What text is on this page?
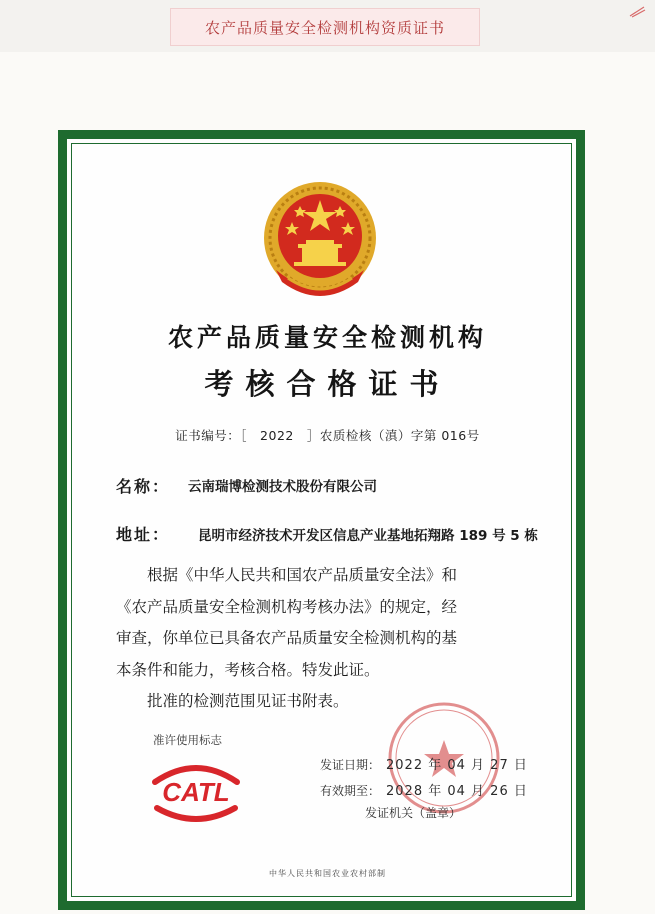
农产品质量安全检测机构资质证书
农产品质量安全检测机构
考核合格证书
证书编号：［　2022　］农质检核（滇）字第 016号
名称： 云南瑞博检测技术股份有限公司
地址： 昆明市经济技术开发区信息产业基地拓翔路 189 号 5 栋

根据《中华人民共和国农产品质量安全法》和

《农产品质量安全检测机构考核办法》的规定，经

审查，你单位已具备农产品质量安全检测机构的基

本条件和能力，考核合格。特发此证。

批准的检测范围见证书附表。

准许使用标志
CATL
发证日期： 2022 年 04 月 27 日
有效期至： 2028 年 04 月 26 日
发证机关（盖章）
中华人民共和国农业农村部制
